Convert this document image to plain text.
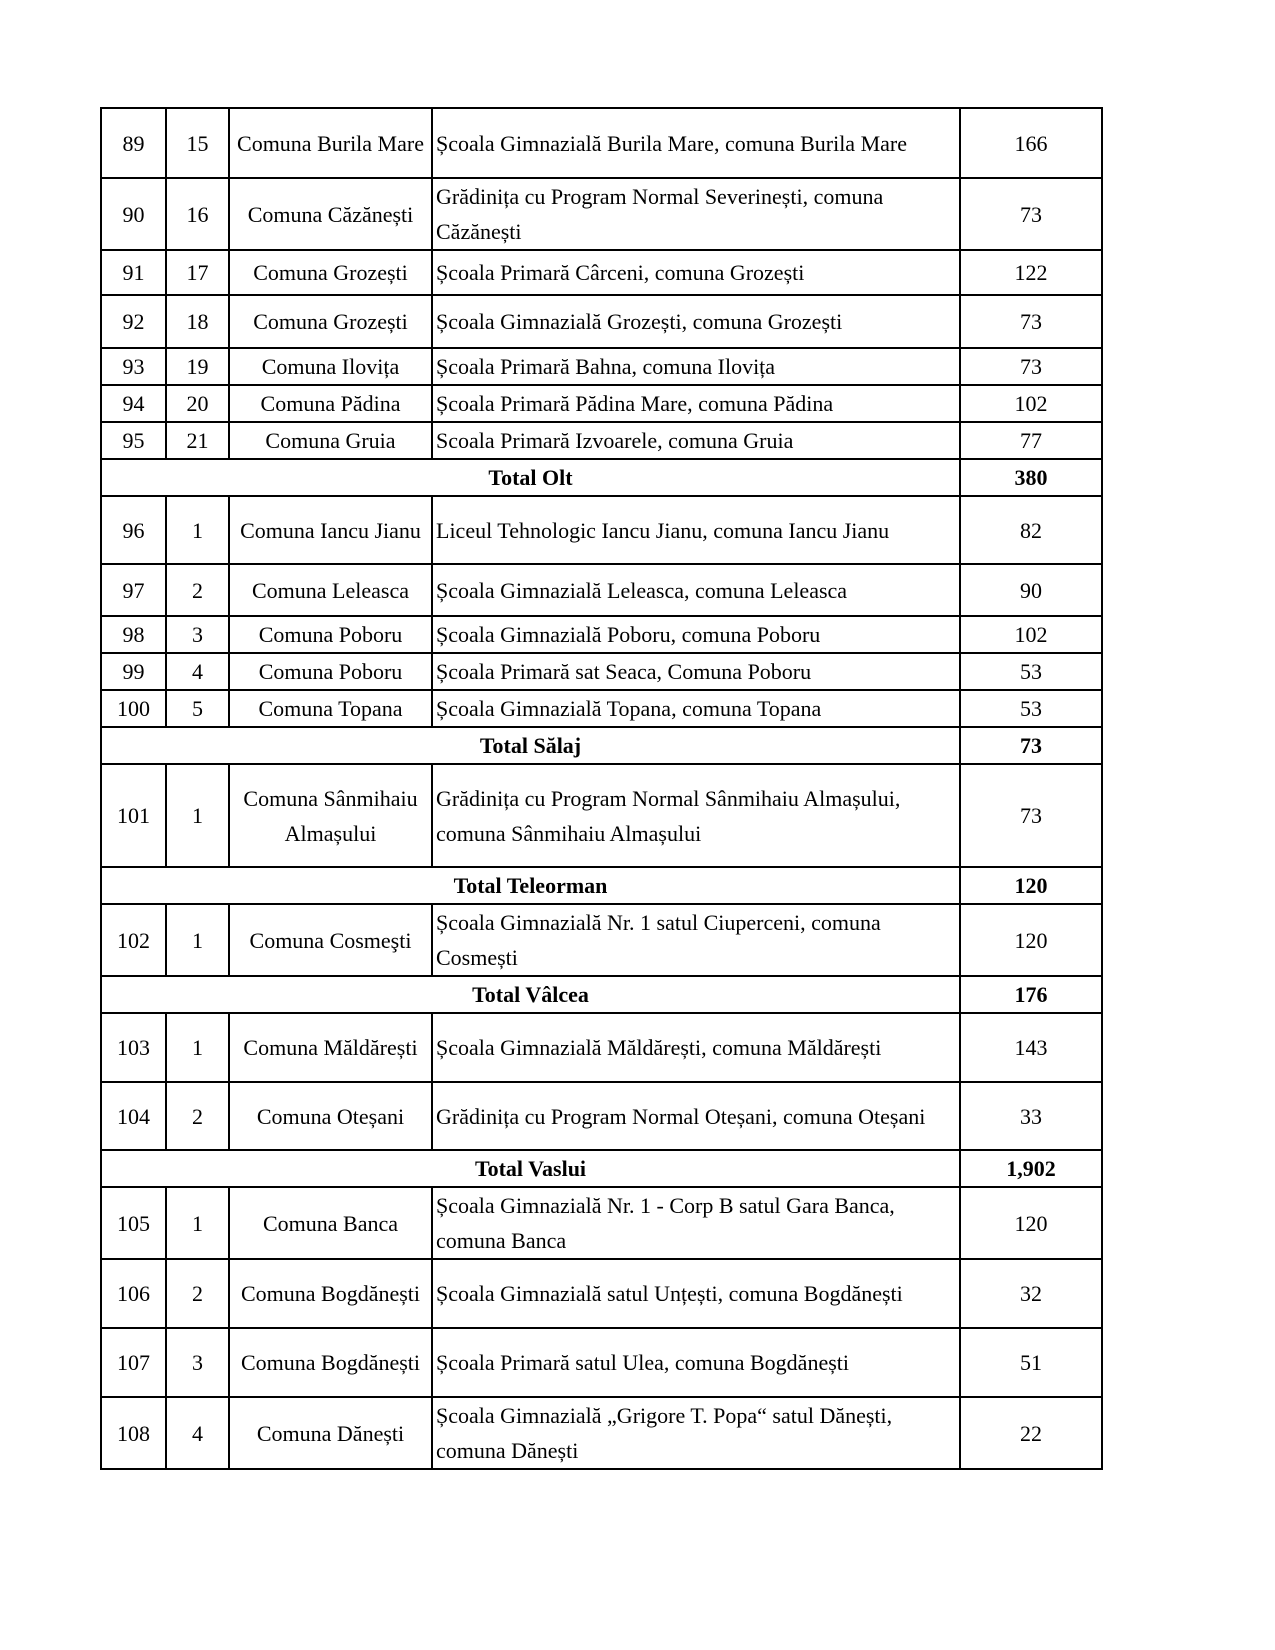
89	15	Comuna Burila Mare	Școala Gimnazială Burila Mare, comuna Burila Mare	166
90	16	Comuna Căzănești	Grădinița cu Program Normal Severinești, comuna Căzănești	73
91	17	Comuna Grozești	Școala Primară Cârceni, comuna Grozești	122
92	18	Comuna Grozești	Școala Gimnazială Grozești, comuna Grozești	73
93	19	Comuna Ilovița	Școala Primară Bahna, comuna Ilovița	73
94	20	Comuna Pădina	Școala Primară Pădina Mare, comuna Pădina	102
95	21	Comuna Gruia	Scoala Primară Izvoarele, comuna Gruia	77
Total Olt				380
96	1	Comuna Iancu Jianu	Liceul Tehnologic Iancu Jianu, comuna Iancu Jianu	82
97	2	Comuna Leleasca	Școala Gimnazială Leleasca, comuna Leleasca	90
98	3	Comuna Poboru	Școala Gimnazială Poboru, comuna Poboru	102
99	4	Comuna Poboru	Școala Primară sat Seaca, Comuna Poboru	53
100	5	Comuna Topana	Școala Gimnazială Topana, comuna Topana	53
Total Sălaj				73
101	1	Comuna Sânmihaiu Almașului	Grădinița cu Program Normal Sânmihaiu Almașului, comuna Sânmihaiu Almașului	73
Total Teleorman				120
102	1	Comuna Cosmeşti	Școala Gimnazială Nr. 1 satul Ciuperceni, comuna Cosmești	120
Total Vâlcea				176
103	1	Comuna Măldărești	Școala Gimnazială Măldărești, comuna Măldărești	143
104	2	Comuna Oteșani	Grădinița cu Program Normal Oteșani, comuna Oteșani	33
Total Vaslui				1,902
105	1	Comuna Banca	Școala Gimnazială Nr. 1 - Corp B satul Gara Banca, comuna Banca	120
106	2	Comuna Bogdănești	Școala Gimnazială satul Unțești, comuna Bogdănești	32
107	3	Comuna Bogdănești	Școala Primară satul Ulea, comuna Bogdănești	51
108	4	Comuna Dănești	Școala Gimnazială „Grigore T. Popa“ satul Dănești, comuna Dănești	22
